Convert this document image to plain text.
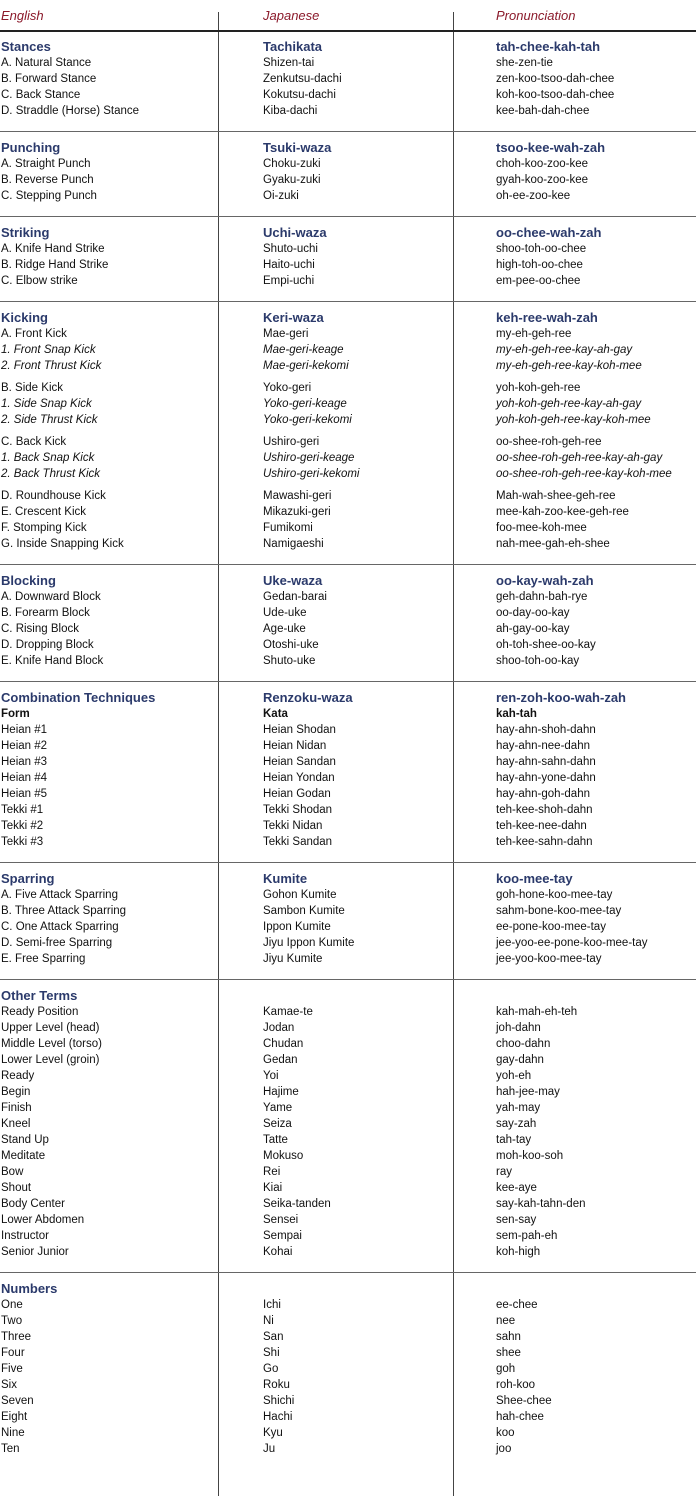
English	Japanese	Pronunciation
Stances	Tachikata	tah-chee-kah-tah
A. Natural Stance	Shizen-tai	she-zen-tie
B. Forward Stance	Zenkutsu-dachi	zen-koo-tsoo-dah-chee
C. Back Stance	Kokutsu-dachi	koh-koo-tsoo-dah-chee
D. Straddle (Horse) Stance	Kiba-dachi	kee-bah-dah-chee
Punching	Tsuki-waza	tsoo-kee-wah-zah
A. Straight Punch	Choku-zuki	choh-koo-zoo-kee
B. Reverse Punch	Gyaku-zuki	gyah-koo-zoo-kee
C. Stepping Punch	Oi-zuki	oh-ee-zoo-kee
Striking	Uchi-waza	oo-chee-wah-zah
A. Knife Hand Strike	Shuto-uchi	shoo-toh-oo-chee
B. Ridge Hand Strike	Haito-uchi	high-toh-oo-chee
C. Elbow strike	Empi-uchi	em-pee-oo-chee
Kicking	Keri-waza	keh-ree-wah-zah
A. Front Kick	Mae-geri	my-eh-geh-ree
1. Front Snap Kick	Mae-geri-keage	my-eh-geh-ree-kay-ah-gay
2. Front Thrust Kick	Mae-geri-kekomi	my-eh-geh-ree-kay-koh-mee
B. Side Kick	Yoko-geri	yoh-koh-geh-ree
1. Side Snap Kick	Yoko-geri-keage	yoh-koh-geh-ree-kay-ah-gay
2. Side Thrust Kick	Yoko-geri-kekomi	yoh-koh-geh-ree-kay-koh-mee
C. Back Kick	Ushiro-geri	oo-shee-roh-geh-ree
1. Back Snap Kick	Ushiro-geri-keage	oo-shee-roh-geh-ree-kay-ah-gay
2. Back Thrust Kick	Ushiro-geri-kekomi	oo-shee-roh-geh-ree-kay-koh-mee
D. Roundhouse Kick	Mawashi-geri	Mah-wah-shee-geh-ree
E. Crescent Kick	Mikazuki-geri	mee-kah-zoo-kee-geh-ree
F. Stomping Kick	Fumikomi	foo-mee-koh-mee
G. Inside Snapping Kick	Namigaeshi	nah-mee-gah-eh-shee
Blocking	Uke-waza	oo-kay-wah-zah
A. Downward Block	Gedan-barai	geh-dahn-bah-rye
B. Forearm Block	Ude-uke	oo-day-oo-kay
C. Rising Block	Age-uke	ah-gay-oo-kay
D. Dropping Block	Otoshi-uke	oh-toh-shee-oo-kay
E. Knife Hand Block	Shuto-uke	shoo-toh-oo-kay
Combination Techniques	Renzoku-waza	ren-zoh-koo-wah-zah
Form	Kata	kah-tah
Heian #1	Heian Shodan	hay-ahn-shoh-dahn
Heian #2	Heian Nidan	hay-ahn-nee-dahn
Heian #3	Heian Sandan	hay-ahn-sahn-dahn
Heian #4	Heian Yondan	hay-ahn-yone-dahn
Heian #5	Heian Godan	hay-ahn-goh-dahn
Tekki #1	Tekki Shodan	teh-kee-shoh-dahn
Tekki #2	Tekki Nidan	teh-kee-nee-dahn
Tekki #3	Tekki Sandan	teh-kee-sahn-dahn
Sparring	Kumite	koo-mee-tay
A. Five Attack Sparring	Gohon Kumite	goh-hone-koo-mee-tay
B. Three Attack Sparring	Sambon Kumite	sahm-bone-koo-mee-tay
C. One Attack Sparring	Ippon Kumite	ee-pone-koo-mee-tay
D. Semi-free Sparring	Jiyu Ippon Kumite	jee-yoo-ee-pone-koo-mee-tay
E. Free Sparring	Jiyu Kumite	jee-yoo-koo-mee-tay
Other Terms
Ready Position	Kamae-te	kah-mah-eh-teh
Upper Level (head)	Jodan	joh-dahn
Middle Level (torso)	Chudan	choo-dahn
Lower Level (groin)	Gedan	gay-dahn
Ready	Yoi	yoh-eh
Begin	Hajime	hah-jee-may
Finish	Yame	yah-may
Kneel	Seiza	say-zah
Stand Up	Tatte	tah-tay
Meditate	Mokuso	moh-koo-soh
Bow	Rei	ray
Shout	Kiai	kee-aye
Body Center	Seika-tanden	say-kah-tahn-den
Lower Abdomen	Sensei	sen-say
Instructor	Sempai	sem-pah-eh
Senior Junior	Kohai	koh-high
Numbers
One	Ichi	ee-chee
Two	Ni	nee
Three	San	sahn
Four	Shi	shee
Five	Go	goh
Six	Roku	roh-koo
Seven	Shichi	Shee-chee
Eight	Hachi	hah-chee
Nine	Kyu	koo
Ten	Ju	joo
